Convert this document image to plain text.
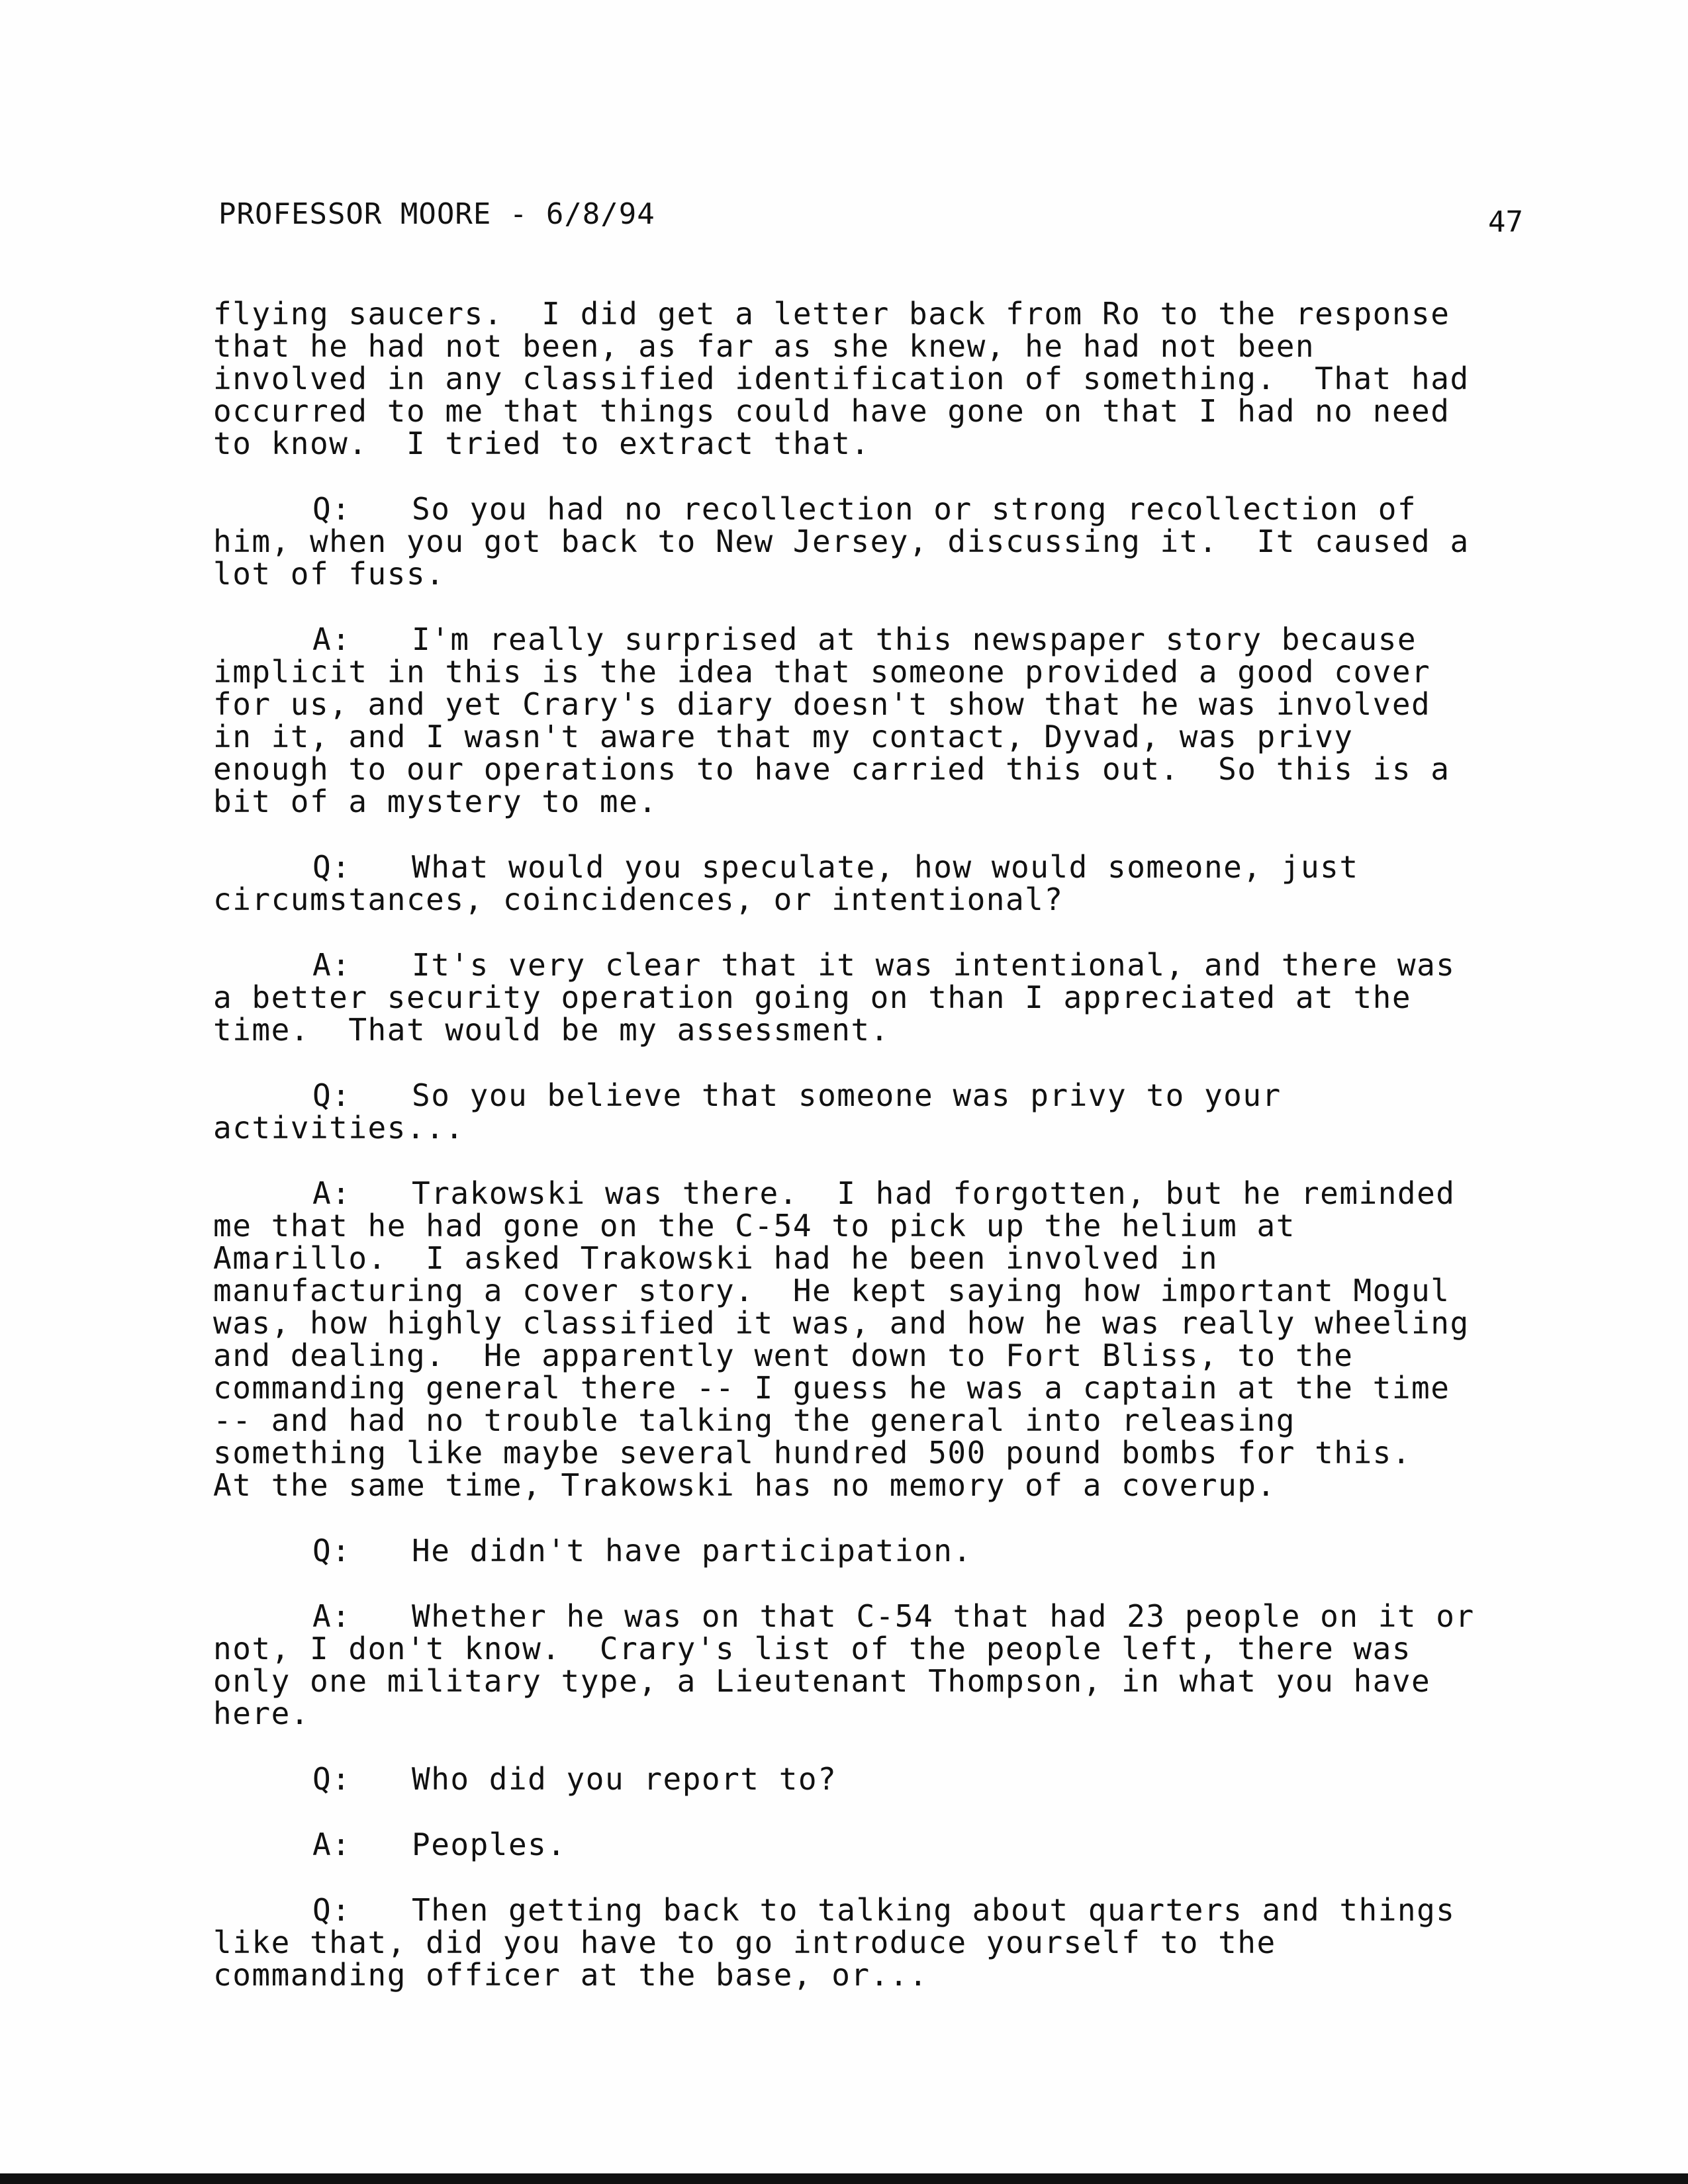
PROFESSOR MOORE - 6/8/94	47
flying saucers.  I did get a letter back from Ro to the response
that he had not been, as far as she knew, he had not been
involved in any classified identification of something.  That had
occurred to me that things could have gone on that I had no need
to know.  I tried to extract that.
Q: So you had no recollection or strong recollection of
him, when you got back to New Jersey, discussing it.  It caused a
lot of fuss.
A: I'm really surprised at this newspaper story because
implicit in this is the idea that someone provided a good cover
for us, and yet Crary's diary doesn't show that he was involved
in it, and I wasn't aware that my contact, Dyvad, was privy
enough to our operations to have carried this out.  So this is a
bit of a mystery to me.
Q: What would you speculate, how would someone, just
circumstances, coincidences, or intentional?
A: It's very clear that it was intentional, and there was
a better security operation going on than I appreciated at the
time.  That would be my assessment.
Q: So you believe that someone was privy to your
activities...
A: Trakowski was there.  I had forgotten, but he reminded
me that he had gone on the C-54 to pick up the helium at
Amarillo.  I asked Trakowski had he been involved in
manufacturing a cover story.  He kept saying how important Mogul
was, how highly classified it was, and how he was really wheeling
and dealing.  He apparently went down to Fort Bliss, to the
commanding general there -- I guess he was a captain at the time
-- and had no trouble talking the general into releasing
something like maybe several hundred 500 pound bombs for this.
At the same time, Trakowski has no memory of a coverup.
Q: He didn't have participation.
A: Whether he was on that C-54 that had 23 people on it or
not, I don't know.  Crary's list of the people left, there was
only one military type, a Lieutenant Thompson, in what you have
here.
Q: Who did you report to?
A: Peoples.
Q: Then getting back to talking about quarters and things
like that, did you have to go introduce yourself to the
commanding officer at the base, or...
